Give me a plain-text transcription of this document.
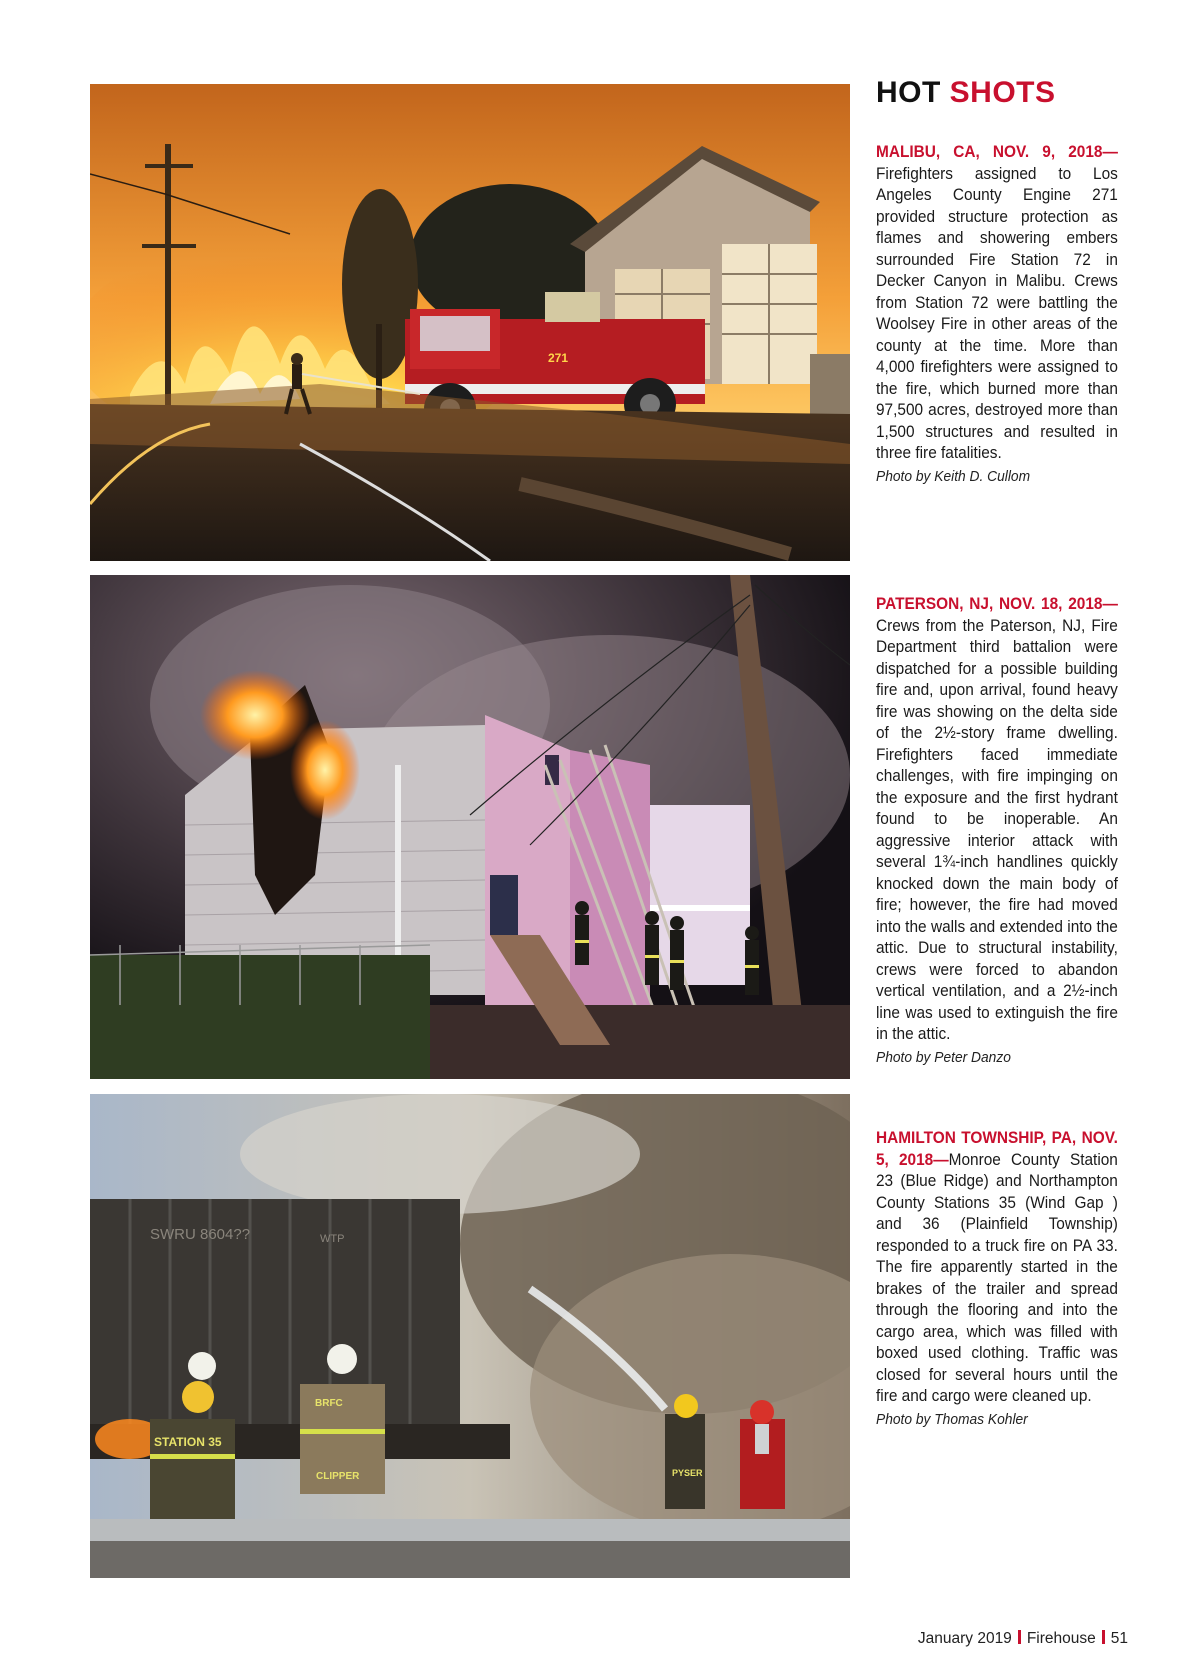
271
SWRU 8604??	WTP
STATION 35
BRFC
CLIPPER	PYSER
HOT SHOTS

MALIBU, CA, NOV. 9, 2018—Firefighters assigned to Los Angeles County Engine 271 provided structure protection as flames and showering embers surrounded Fire Station 72 in Decker Canyon in Malibu. Crews from Station 72 were battling the Woolsey Fire in other areas of the county at the time. More than 4,000 firefighters were assigned to the fire, which burned more than 97,500 acres, destroyed more than 1,500 structures and resulted in three fire fatalities.

Photo by Keith D. Cullom

PATERSON, NJ, NOV. 18, 2018—Crews from the Paterson, NJ, Fire Department third battalion were dispatched for a possible building fire and, upon arrival, found heavy fire was showing on the delta side of the 2½-story frame dwelling. Firefighters faced immediate challenges, with fire impinging on the exposure and the first hydrant found to be inoperable. An aggressive interior attack with several 1¾-inch handlines quickly knocked down the main body of fire; however, the fire had moved into the walls and extended into the attic. Due to structural instability, crews were forced to abandon vertical ventilation, and a 2½-inch line was used to extinguish the fire in the attic.

Photo by Peter Danzo

HAMILTON TOWNSHIP, PA, NOV. 5, 2018—Monroe County Station 23 (Blue Ridge) and Northampton County Stations 35 (Wind Gap ) and 36 (Plainfield Township) responded to a truck fire on PA 33. The fire apparently started in the brakes of the trailer and spread through the flooring and into the cargo area, which was filled with boxed used clothing. Traffic was closed for several hours until the fire and cargo were cleaned up.

Photo by Thomas Kohler
January 2019 Firehouse 51
